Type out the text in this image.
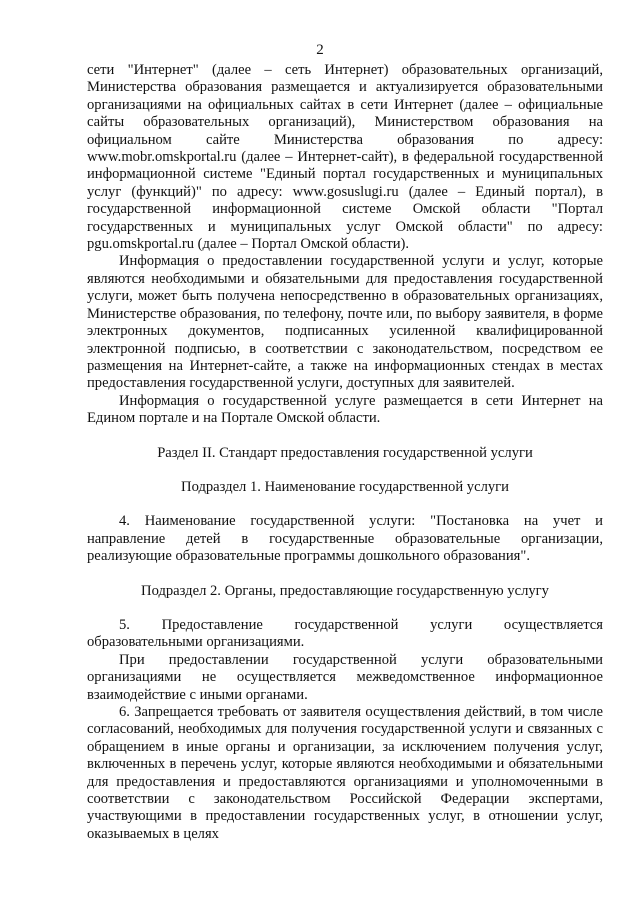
2

сети "Интернет" (далее – сеть Интернет) образовательных организаций, Министерства образования размещается и актуализируется образовательными организациями на официальных сайтах в сети Интернет (далее – официальные сайты образовательных организаций), Министерством образования на официальном сайте Министерства образования по адресу: www.mobr.omskportal.ru (далее – Интернет-сайт), в федеральной государственной информационной системе "Единый портал государственных и муниципальных услуг (функций)" по адресу: www.gosuslugi.ru (далее – Единый портал), в государственной информационной системе Омской области "Портал государственных и муниципальных услуг Омской области" по адресу: pgu.omskportal.ru (далее – Портал Омской области).

Информация о предоставлении государственной услуги и услуг, которые являются необходимыми и обязательными для предоставления государственной услуги, может быть получена непосредственно в образовательных организациях, Министерстве образования, по телефону, почте или, по выбору заявителя, в форме электронных документов, подписанных усиленной квалифицированной электронной подписью, в соответствии с законодательством, посредством ее размещения на Интернет-сайте, а также на информационных стендах в местах предоставления государственной услуги, доступных для заявителей.

Информация о государственной услуге размещается в сети Интернет на Едином портале и на Портале Омской области.

Раздел II. Стандарт предоставления государственной услуги

Подраздел 1. Наименование государственной услуги

4. Наименование государственной услуги: "Постановка на учет и направление детей в государственные образовательные организации, реализующие образовательные программы дошкольного образования".

Подраздел 2. Органы, предоставляющие государственную услугу

5. Предоставление государственной услуги осуществляется образовательными организациями.

При предоставлении государственной услуги образовательными организациями не осуществляется межведомственное информационное взаимодействие с иными органами.

6. Запрещается требовать от заявителя осуществления действий, в том числе согласований, необходимых для получения государственной услуги и связанных с обращением в иные органы и организации, за исключением получения услуг, включенных в перечень услуг, которые являются необходимыми и обязательными для предоставления и предоставляются организациями и уполномоченными в соответствии с законодательством Российской Федерации экспертами, участвующими в предоставлении государственных услуг, в отношении услуг, оказываемых в целях
